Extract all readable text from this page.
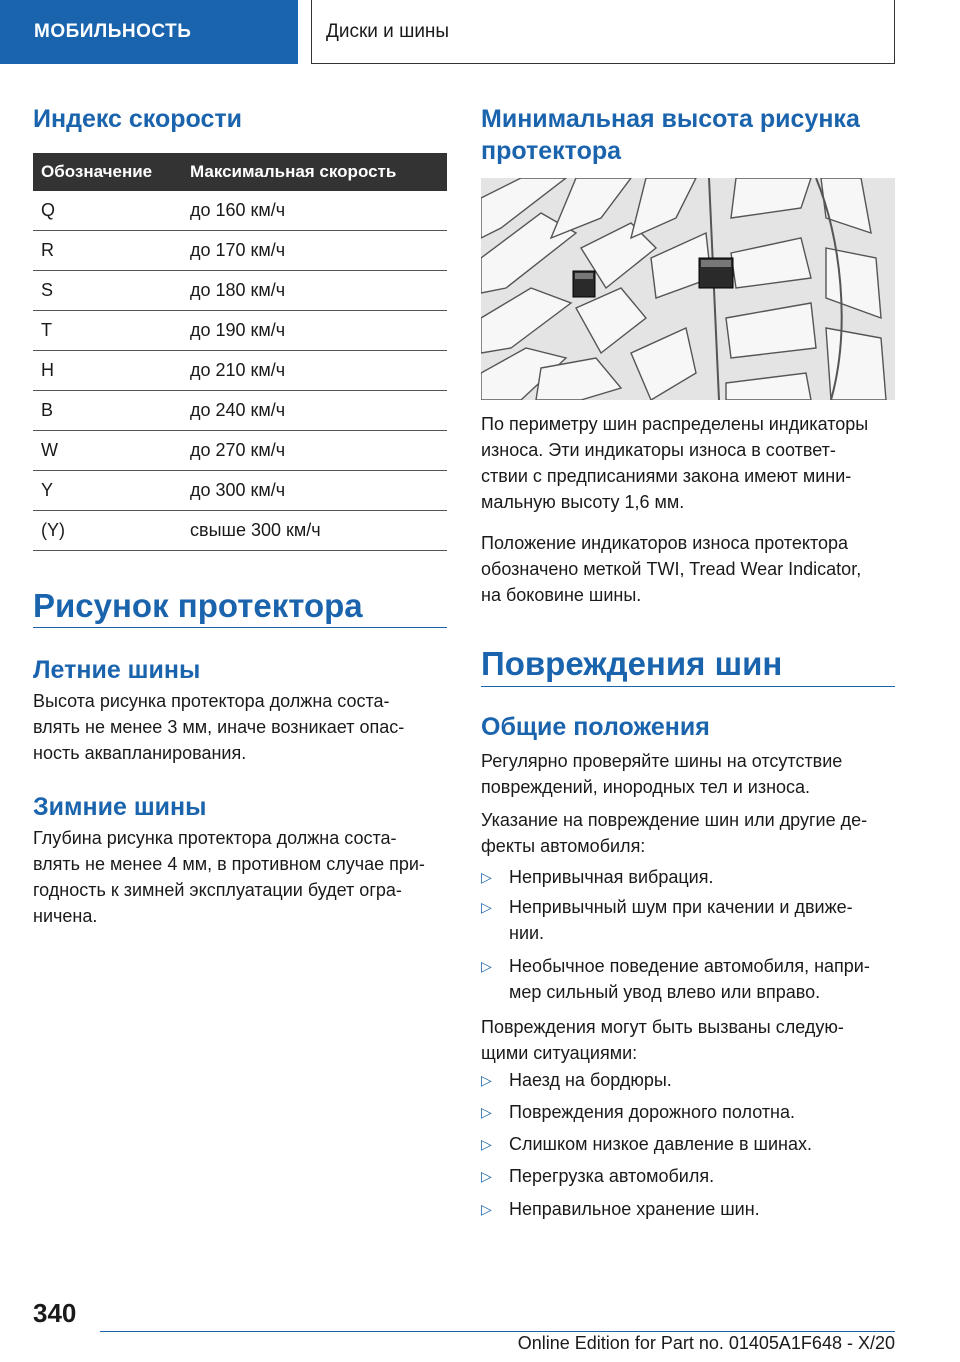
МОБИЛЬНОСТЬ	Диски и шины
Индекс скорости
Обозначение	Максимальная скорость
Q	до 160 км/ч
R	до 170 км/ч
S	до 180 км/ч
T	до 190 км/ч
H	до 210 км/ч
B	до 240 км/ч
W	до 270 км/ч
Y	до 300 км/ч
(Y)	свыше 300 км/ч
Рисунок протектора
Летние шины
Высота рисунка протектора должна соста-
влять не менее 3 мм, иначе возникает опас-
ность аквапланирования.
Зимние шины
Глубина рисунка протектора должна соста-
влять не менее 4 мм, в противном случае при-
годность к зимней эксплуатации будет огра-
ничена.
Минимальная высота рисунка
протектора
По периметру шин распределены индикаторы
износа. Эти индикаторы износа в соответ-
ствии с предписаниями закона имеют мини-
мальную высоту 1,6 мм.
Положение индикаторов износа протектора
обозначено меткой TWI, Tread Wear Indicator,
на боковине шины.
Повреждения шин
Общие положения
Регулярно проверяйте шины на отсутствие
повреждений, инородных тел и износа.
Указание на повреждение шин или другие де-
фекты автомобиля:
▷ Непривычная вибрация.
▷ Непривычный шум при качении и движе-
нии.
▷ Необычное поведение автомобиля, напри-
мер сильный увод влево или вправо.
Повреждения могут быть вызваны следую-
щими ситуациями:
▷ Наезд на бордюры.
▷ Повреждения дорожного полотна.
▷ Слишком низкое давление в шинах.
▷ Перегрузка автомобиля.
▷ Неправильное хранение шин.
340
Online Edition for Part no. 01405A1F648 - X/20
